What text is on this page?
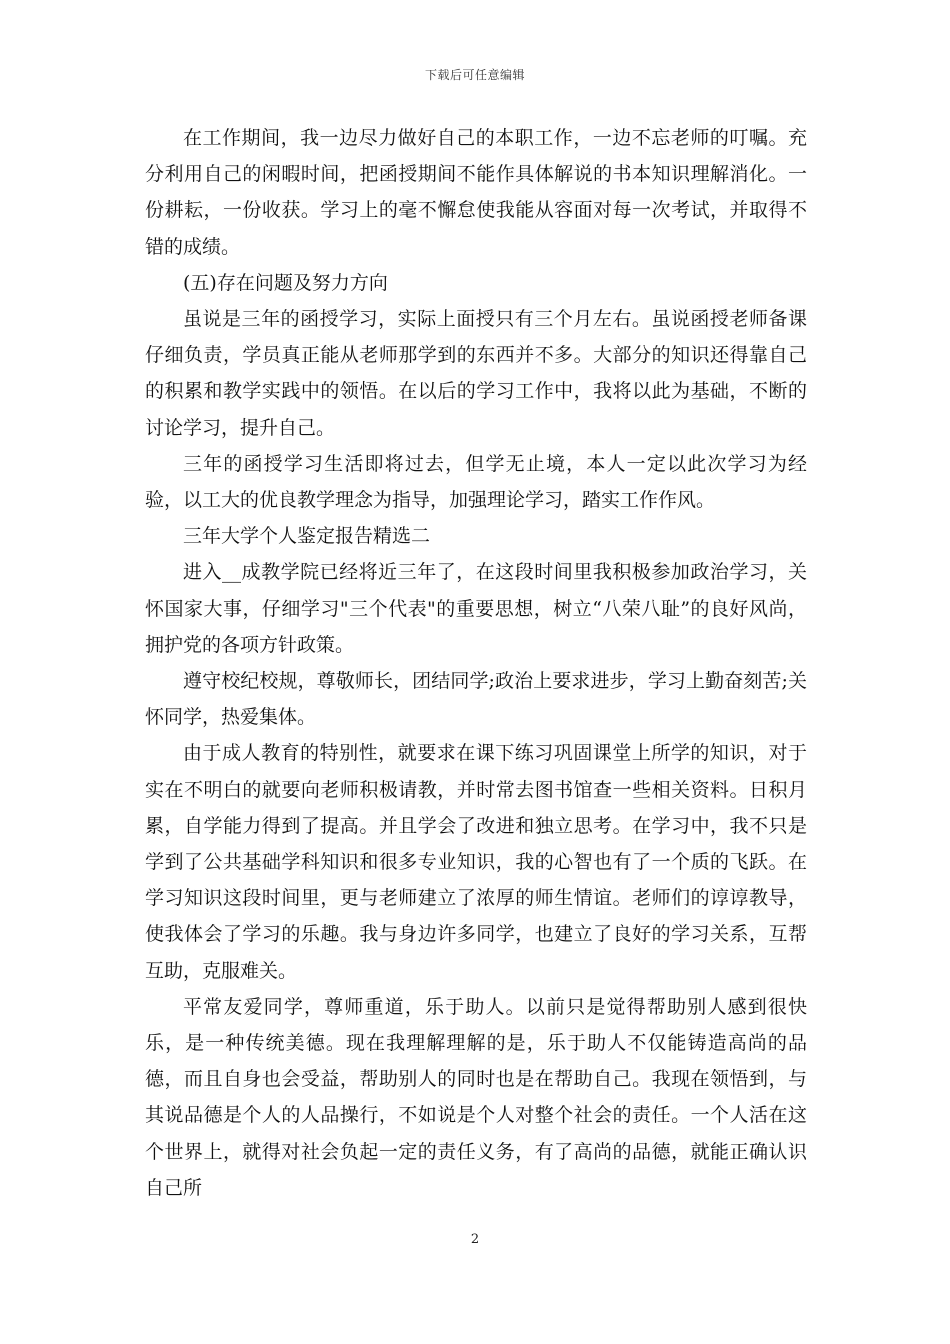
下载后可任意编辑

在工作期间，我一边尽力做好自己的本职工作，一边不忘老师的叮嘱。充分利用自己的闲暇时间，把函授期间不能作具体解说的书本知识理解消化。一份耕耘，一份收获。学习上的毫不懈怠使我能从容面对每一次考试，并取得不错的成绩。

(五)存在问题及努力方向

虽说是三年的函授学习，实际上面授只有三个月左右。虽说函授老师备课仔细负责，学员真正能从老师那学到的东西并不多。大部分的知识还得靠自己的积累和教学实践中的领悟。在以后的学习工作中，我将以此为基础，不断的讨论学习，提升自己。

三年的函授学习生活即将过去，但学无止境，本人一定以此次学习为经验，以工大的优良教学理念为指导，加强理论学习，踏实工作作风。

三年大学个人鉴定报告精选二

进入__成教学院已经将近三年了，在这段时间里我积极参加政治学习，关怀国家大事，仔细学习"三个代表"的重要思想，树立“八荣八耻”的良好风尚，拥护党的各项方针政策。

遵守校纪校规，尊敬师长，团结同学;政治上要求进步，学习上勤奋刻苦;关怀同学，热爱集体。

由于成人教育的特别性，就要求在课下练习巩固课堂上所学的知识，对于实在不明白的就要向老师积极请教，并时常去图书馆查一些相关资料。日积月累，自学能力得到了提高。并且学会了改进和独立思考。在学习中，我不只是学到了公共基础学科知识和很多专业知识，我的心智也有了一个质的飞跃。在学习知识这段时间里，更与老师建立了浓厚的师生情谊。老师们的谆谆教导，使我体会了学习的乐趣。我与身边许多同学，也建立了良好的学习关系，互帮互助，克服难关。

平常友爱同学，尊师重道，乐于助人。以前只是觉得帮助别人感到很快乐，是一种传统美德。现在我理解理解的是，乐于助人不仅能铸造高尚的品德，而且自身也会受益，帮助别人的同时也是在帮助自己。我现在领悟到，与其说品德是个人的人品操行，不如说是个人对整个社会的责任。一个人活在这个世界上，就得对社会负起一定的责任义务，有了高尚的品德，就能正确认识自己所

2
